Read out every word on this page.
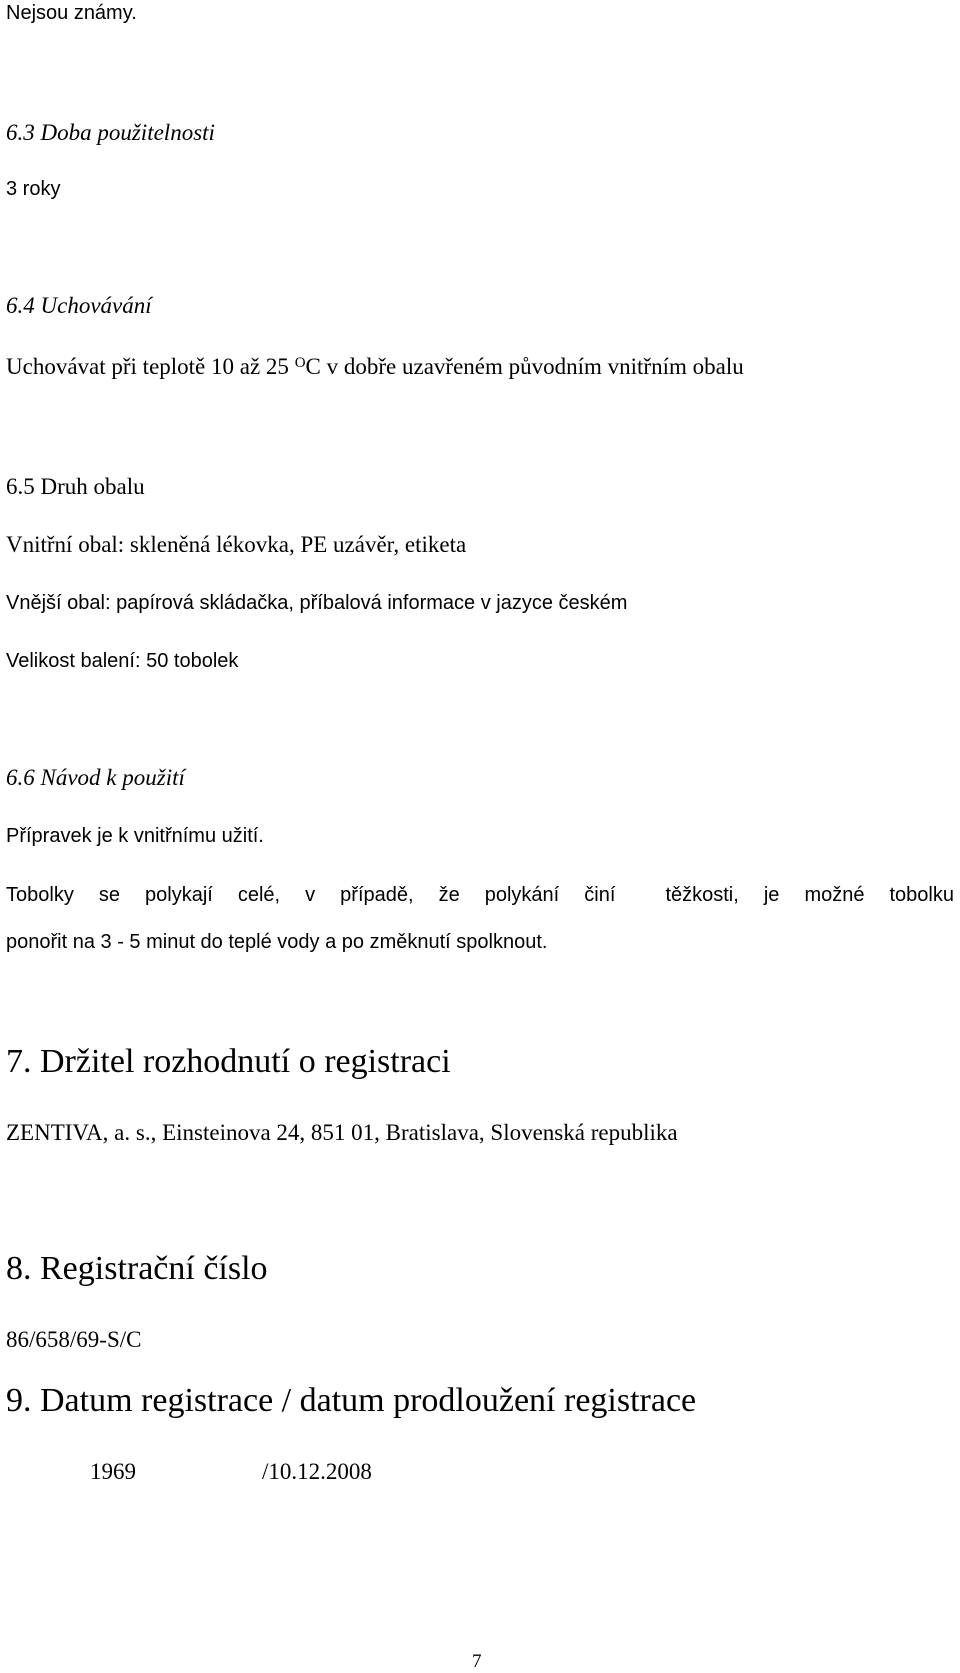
Nejsou známy.
6.3 Doba použitelnosti
3 roky
6.4 Uchovávání
Uchovávat při teplotě 10 až 25 $^O$C v dobře uzavřeném původním vnitřním obalu
6.5 Druh obalu
Vnitřní obal: skleněná lékovka, PE uzávěr, etiketa
Vnější obal: papírová skládačka, příbalová informace v jazyce českém
Velikost balení: 50 tobolek
6.6 Návod k použití
Přípravek je k vnitřnímu užití.
Tobolky se polykají celé, v případě, že polykání činí  těžkosti, je možné tobolku
ponořit na 3 - 5 minut do teplé vody a po změknutí spolknout.
7. Držitel rozhodnutí o registraci
ZENTIVA, a. s., Einsteinova 24, 851 01, Bratislava, Slovenská republika
8. Registrační číslo
86/658/69-S/C
9. Datum registrace / datum prodloužení registrace
1969	/10.12.2008
7
